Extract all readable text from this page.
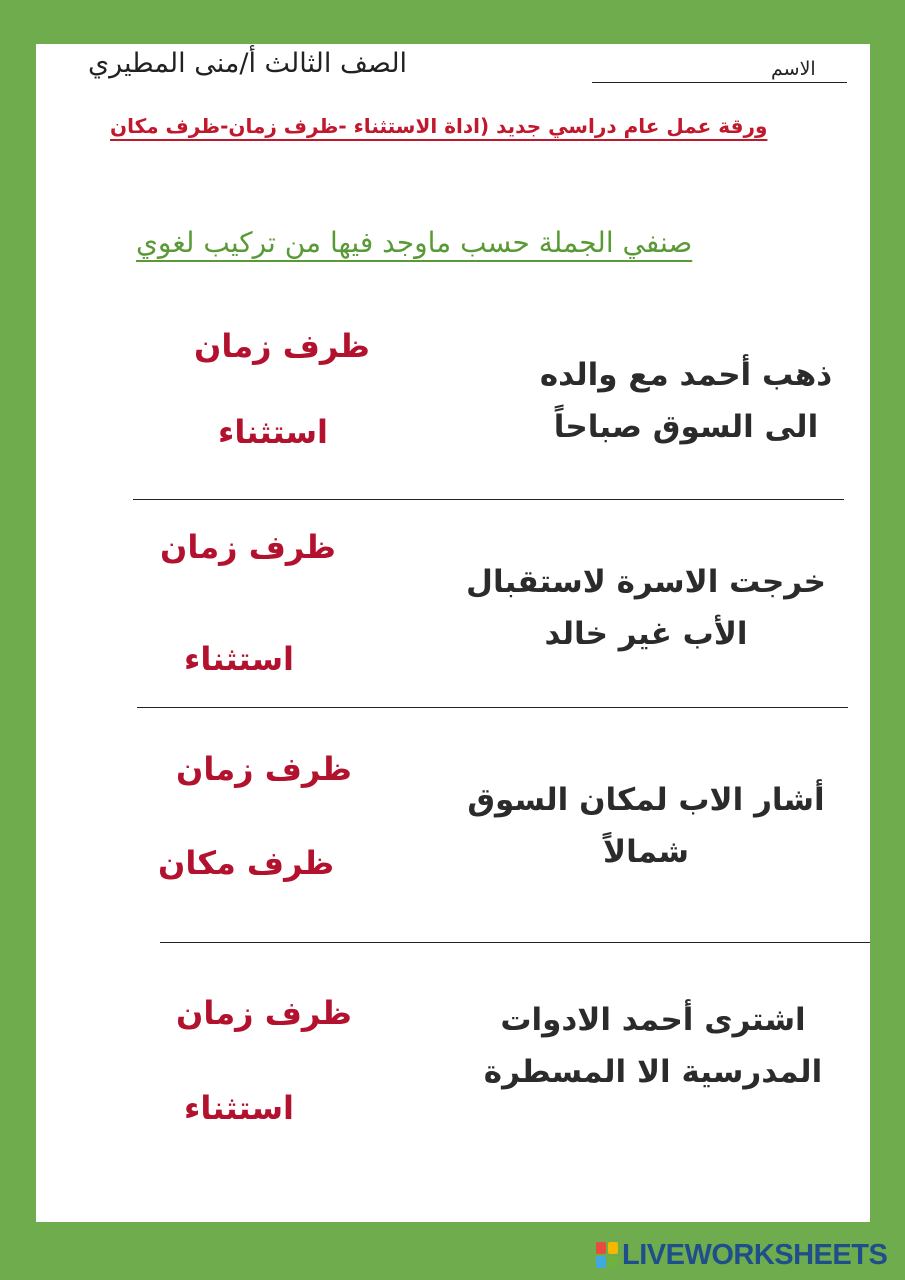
الصف الثالث أ/منى المطيري	الاسم
ورقة عمل عام دراسي جديد (اداة الاستثناء -ظرف زمان-ظرف مكان
صنفي الجملة حسب ماوجد فيها من تركيب لغوي
ذهب أحمد مع والده
الى السوق صباحاً
ظرف زمان
استثناء
خرجت الاسرة لاستقبال
الأب غير خالد
ظرف زمان
استثناء
أشار الاب لمكان السوق
شمالاً
ظرف زمان
ظرف مكان
اشترى أحمد الادوات
المدرسية الا المسطرة
ظرف زمان
استثناء
LIVEWORKSHEETS
